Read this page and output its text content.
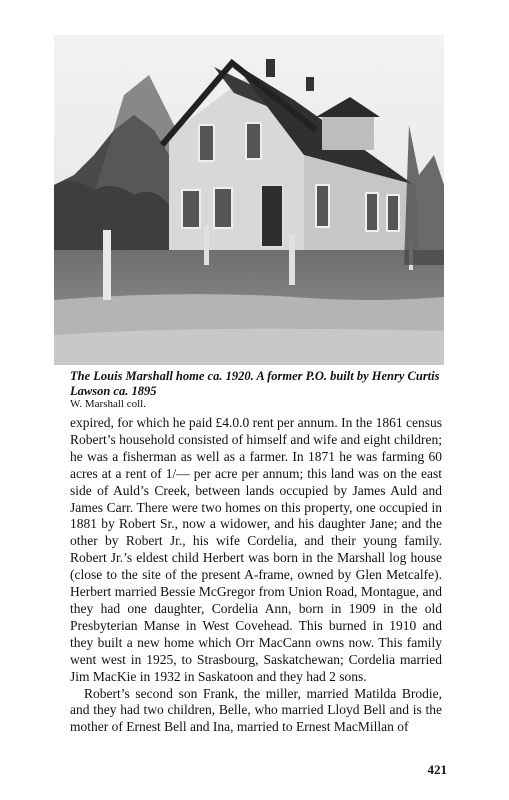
The Louis Marshall home ca. 1920. A former P.O. built by Henry Curtis Lawson ca. 1895
W. Marshall coll.

expired, for which he paid £4.0.0 rent per annum. In the 1861 census Robert’s household consisted of himself and wife and eight children; he was a fisherman as well as a farmer. In 1871 he was farming 60 acres at a rent of 1/— per acre per annum; this land was on the east side of Auld’s Creek, between lands occupied by James Auld and James Carr. There were two homes on this property, one occupied in 1881 by Robert Sr., now a widower, and his daughter Jane; and the other by Robert Jr., his wife Cordelia, and their young family. Robert Jr.’s eldest child Herbert was born in the Marshall log house (close to the site of the present A-frame, owned by Glen Metcalfe). Herbert married Bessie McGregor from Union Road, Montague, and they had one daughter, Cordelia Ann, born in 1909 in the old Presbyterian Manse in West Covehead. This burned in 1910 and they built a new home which Orr MacCann owns now. This family went west in 1925, to Strasbourg, Saskatchewan; Cordelia married Jim MacKie in 1932 in Saskatoon and they had 2 sons.

Robert’s second son Frank, the miller, married Matilda Brodie, and they had two children, Belle, who married Lloyd Bell and is the mother of Ernest Bell and Ina, married to Ernest MacMillan of

421
